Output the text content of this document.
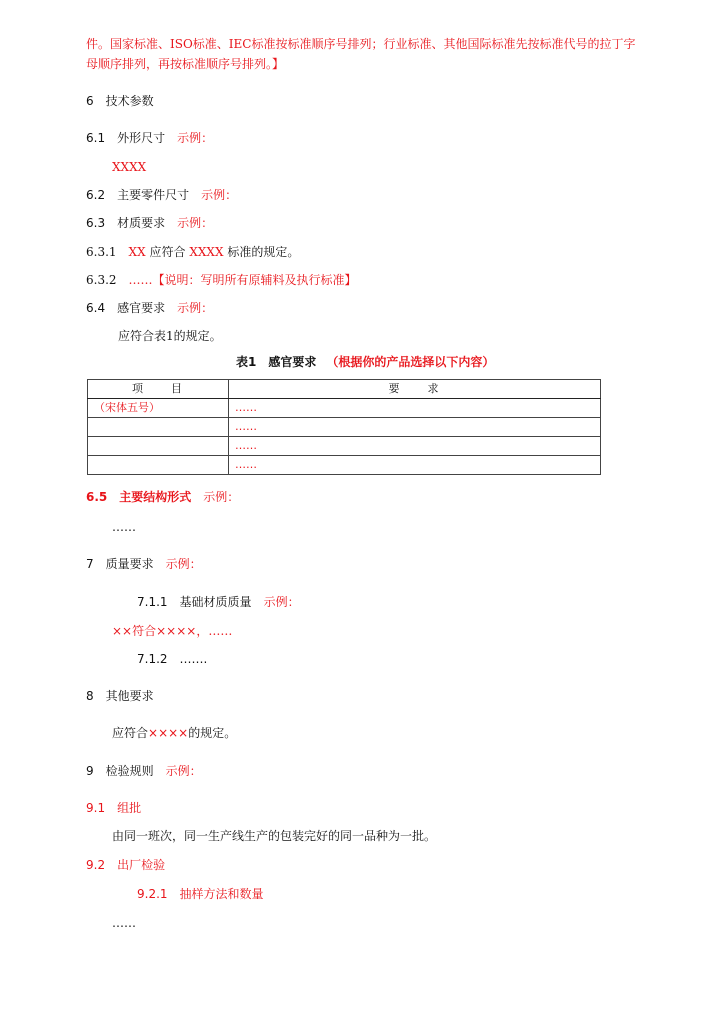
件。国家标准、ISO标准、IEC标准按标准顺序号排列；行业标准、其他国际标准先按标准代号的拉丁字
母顺序排列，再按标准顺序号排列。】
6 技术参数
6.1 外形尺寸 示例：
XXXX
6.2 主要零件尺寸 示例：
6.3 材质要求 示例：
6.3.1 XX 应符合 XXXX 标准的规定。
6.3.2 ……【说明：写明所有原辅料及执行标准】
6.4 感官要求 示例：
应符合表1的规定。
表1　感官要求 （根据你的产品选择以下内容）
项　　目	要　　求
（宋体五号）	……
	……
	……
	……
6.5 主要结构形式 示例：
……
7 质量要求 示例：
7.1.1 基础材质质量 示例：
××符合××××，……
7.1.2 …….
8 其他要求
应符合××××的规定。
9 检验规则 示例：
9.1 组批
由同一班次，同一生产线生产的包装完好的同一品种为一批。
9.2 出厂检验
9.2.1 抽样方法和数量
……
